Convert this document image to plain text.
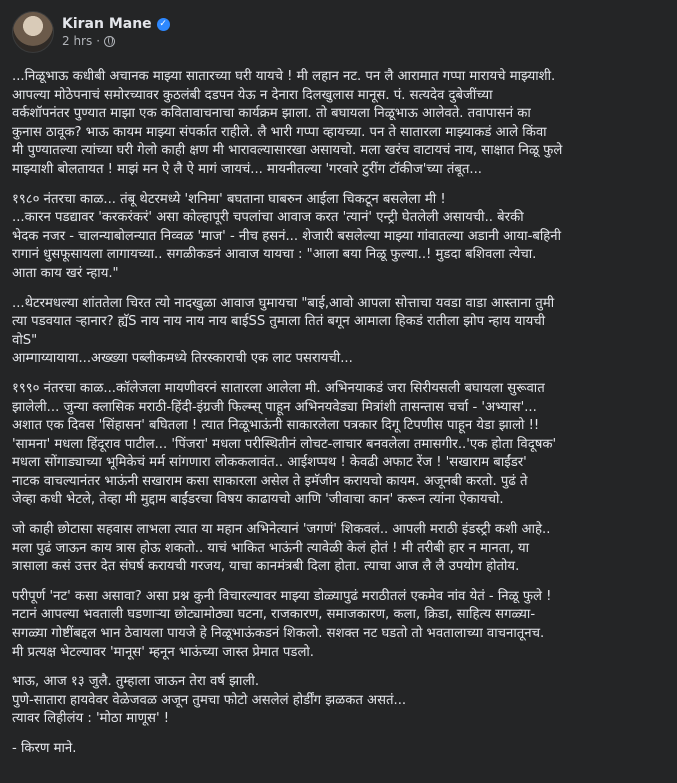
Kiran Mane ✓
2 hrs ·
...निळूभाऊ कधीबी अचानक माझ्या सातारच्या घरी यायचे ! मी लहान नट. पन लै आरामात गप्पा मारायचे माझ्याशी.
आपल्या मोठेपनाचं समोरच्यावर कुठलंबी दडपन येऊ न देनारा दिलखुलास मानूस. पं. सत्यदेव दुबेजींच्या
वर्कशॉपनंतर पुण्यात माझा एक कवितावाचनाचा कार्यक्रम झाला. तो बघायला निळूभाऊ आलेवते. तवापासनं का
कुनास ठावूक? भाऊ कायम माझ्या संपर्कात राहीले. लै भारी गप्पा व्हायच्या. पन ते सातारला माझ्याकडं आले किंवा
मी पुण्यातल्या त्यांच्या घरी गेलो काही क्षण मी भारावल्यासारखा असायचो. मला खरंच वाटायचं नाय, साक्षात निळू फुले
माझ्याशी बोलतायत ! माझं मन ऐ लै ऐ मागं जायचं... मायनीतल्या 'गरवारे टुरींग टॉकीज'च्या तंबूत...
१९८० नंतरचा काळ... तंबू थेटरमध्ये 'शनिमा' बघताना घाबरुन आईला चिकटून बसलेला मी !
...कारन पडद्यावर 'करकरंकरं' असा कोल्हापूरी चपलांचा आवाज करत 'त्यानं' एन्ट्री घेतलेली असायची.. बेरकी
भेदक नजर - चालन्याबोलन्यात निव्वळ 'माज' - नीच हसनं... शेजारी बसलेल्या माझ्या गांवातल्या अडानी आया-बहिनी
रागानं धुसफूसायला लागायच्या.. सगळीकडनं आवाज यायचा : "आला बया निळू फुल्या..! मुडदा बशिवला त्येचा.
आता काय खरं न्हाय."
...थेटरमधल्या शांततेला चिरत त्यो नादखुळा आवाज घुमायचा "बाई,आवो आपला सोत्ताचा यवडा वाडा आस्ताना तुमी
त्या पडवयात ऱ्हानार? ह्यॅS नाय नाय नाय नाय बाईSS तुमाला तितं बगून आमाला हिकडं रातीला झोप न्हाय यायची
वोS"
आम्गाय्यायाया...अख्ख्या पब्लीकमध्ये तिरस्काराची एक लाट पसरायची...
१९९० नंतरचा काळ...कॉलेजला मायणीवरनं सातारला आलेला मी. अभिनयाकडं जरा सिरीयसली बघायला सुरूवात
झालेली... जुन्या क्लासिक मराठी-हिंदी-इंग्रजी फिल्म्स् पाहून अभिनयवेड्या मित्रांशी तासन्तास चर्चा - 'अभ्यास'...
अशात एक दिवस 'सिंहासन' बघितला ! त्यात निळूभाऊंनी साकारलेला पत्रकार दिगू टिपणीस पाहून येडा झालो !!
'सामना' मधला हिंदूराव पाटील... 'पिंजरा' मधला परीस्थितीनं लोचट-लाचार बनवलेला तमासगीर..'एक होता विदूषक'
मधला सोंगाड्याच्या भूमिकेचं मर्म सांगणारा लोककलावंत.. आईशप्पथ ! केवढी अफाट रेंज ! 'सखाराम बाईंडर'
नाटक वाचल्यानंतर भाऊंनी सखाराम कसा साकारला असेल ते इमॅजीन करायचो कायम. अजूनबी करतो. पुढं ते
जेव्हा कधी भेटले, तेव्हा मी मुद्दाम बाईंडरचा विषय काढायचो आणि 'जीवाचा कान' करून त्यांना ऐकायचो.
जो काही छोटासा सहवास लाभला त्यात या महान अभिनेत्यानं 'जगणं' शिकवलं.. आपली मराठी इंडस्ट्री कशी आहे..
मला पुढं जाऊन काय त्रास होऊ शकतो.. याचं भाकित भाऊंनी त्यावेळी केलं होतं ! मी तरीबी हार न मानता, या
त्रासाला कसं उत्तर देत संघर्ष करायची गरजय, याचा कानमंत्रबी दिला होता. त्याचा आज लै लै उपयोग होतोय.
परीपूर्ण 'नट' कसा असावा? असा प्रश्न कुनी विचारल्यावर माझ्या डोळ्यापुढं मराठीतलं एकमेव नांव येतं - निळू फुले !
नटानं आपल्या भवताली घडणाऱ्या छोट्यामोठ्या घटना, राजकारण, समाजकारण, कला, क्रिडा, साहित्य सगळ्या-
सगळ्या गोष्टींबद्दल भान ठेवायला पायजे हे निळूभाऊंकडनं शिकलो. सशक्त नट घडतो तो भवतालाच्या वाचनातूनच.
मी प्रत्यक्ष भेटल्यावर 'मानूस' म्हनून भाऊंच्या जास्त प्रेमात पडलो.
भाऊ, आज १३ जुलै. तुम्हाला जाऊन तेरा वर्ष झाली.
पुणे-सातारा हायवेवर वेळेजवळ अजून तुमचा फोटो असलेलं होर्डींग झळकत असतं...
त्यावर लिहीलंय : 'मोठा माणूस' !
- किरण माने.
